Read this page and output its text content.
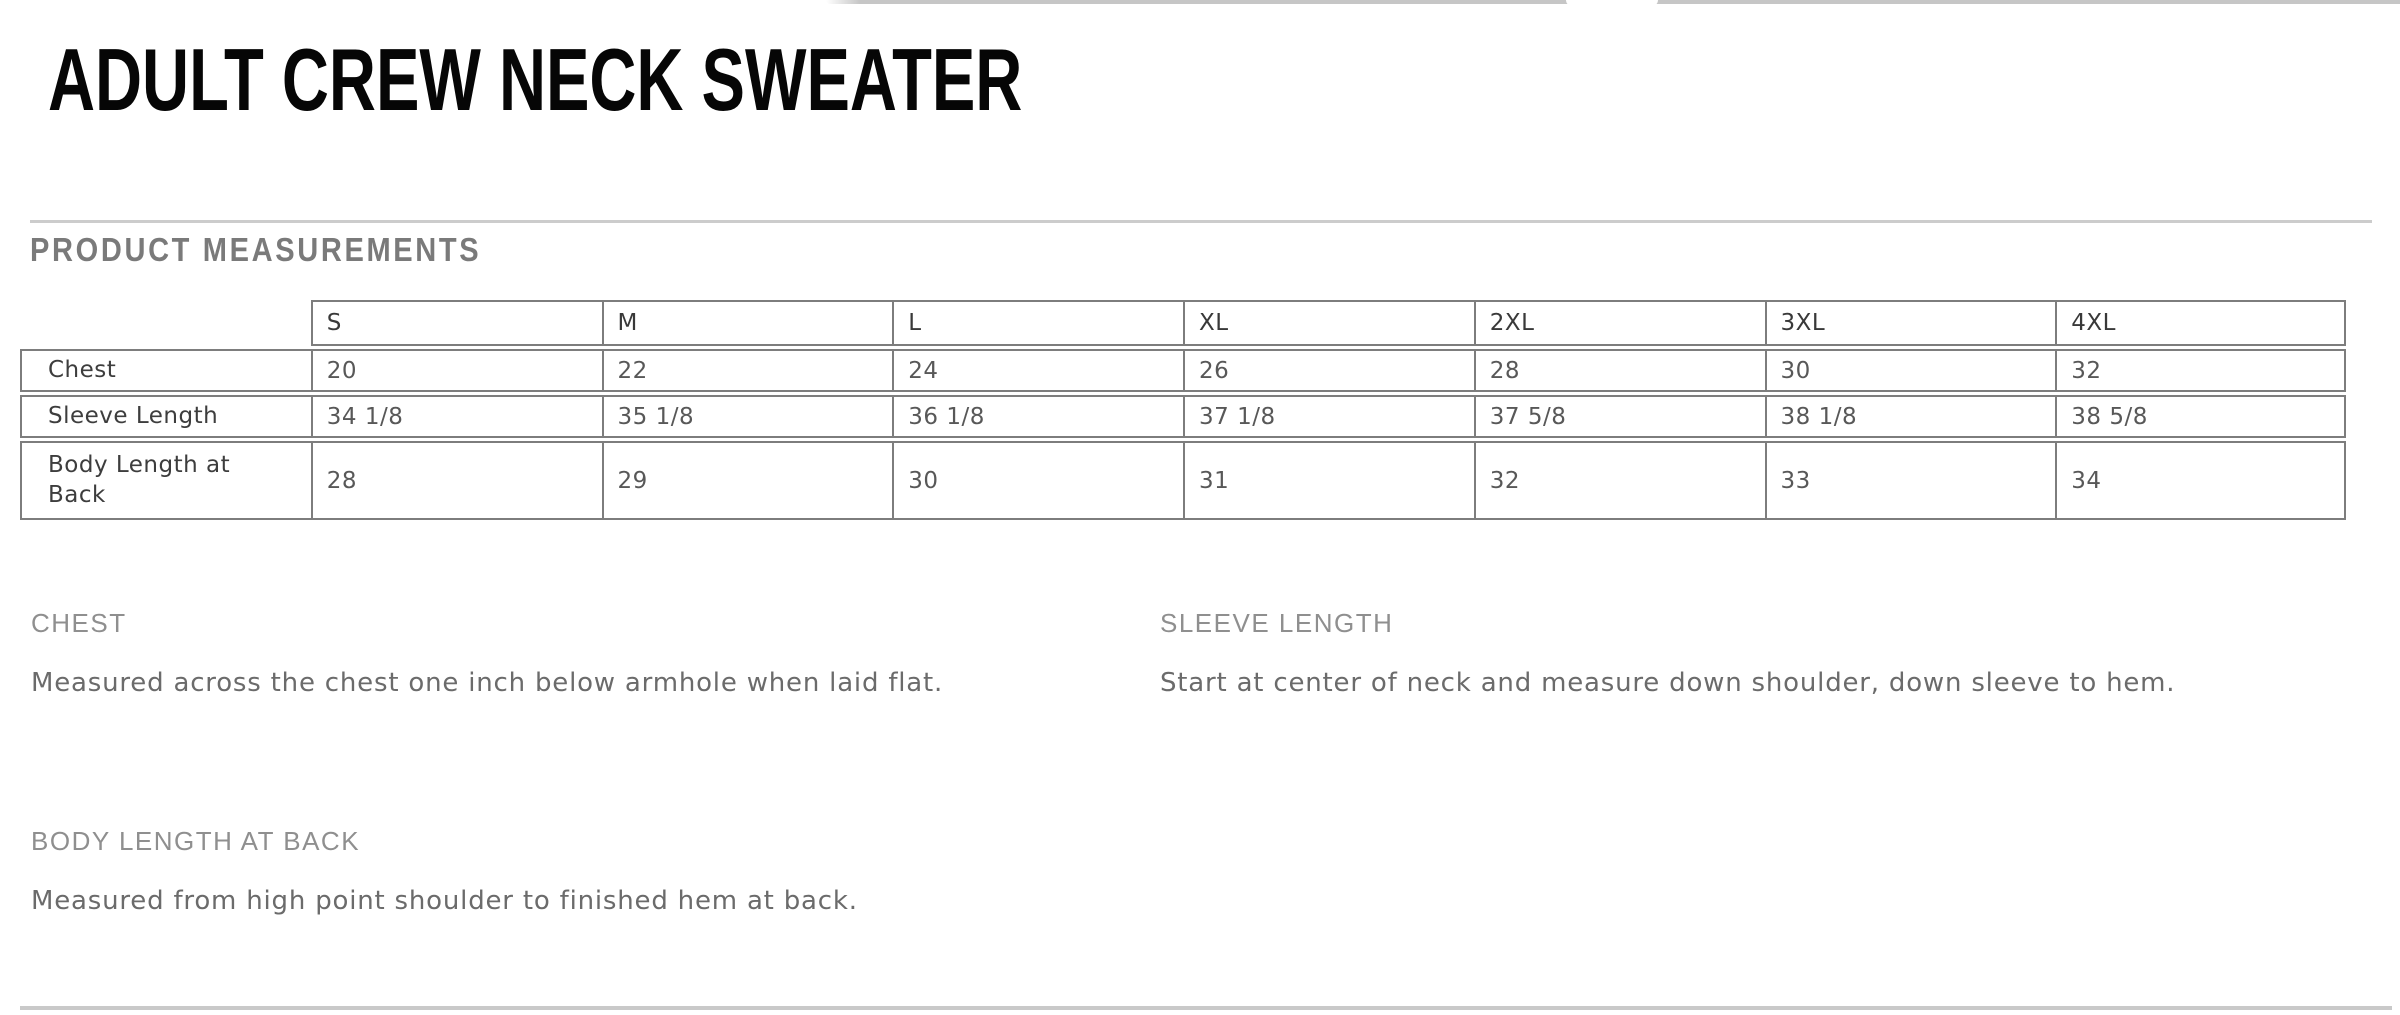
ADULT CREW NECK SWEATER
PRODUCT MEASUREMENTS
	S	M	L	XL	2XL	3XL	4XL
Chest	20	22	24	26	28	30	32
Sleeve Length	34 1/8	35 1/8	36 1/8	37 1/8	37 5/8	38 1/8	38 5/8
Body Length at Back	28	29	30	31	32	33	34
CHEST

Measured across the chest one inch below armhole when laid flat.

SLEEVE LENGTH

Start at center of neck and measure down shoulder, down sleeve to hem.

BODY LENGTH AT BACK

Measured from high point shoulder to finished hem at back.
